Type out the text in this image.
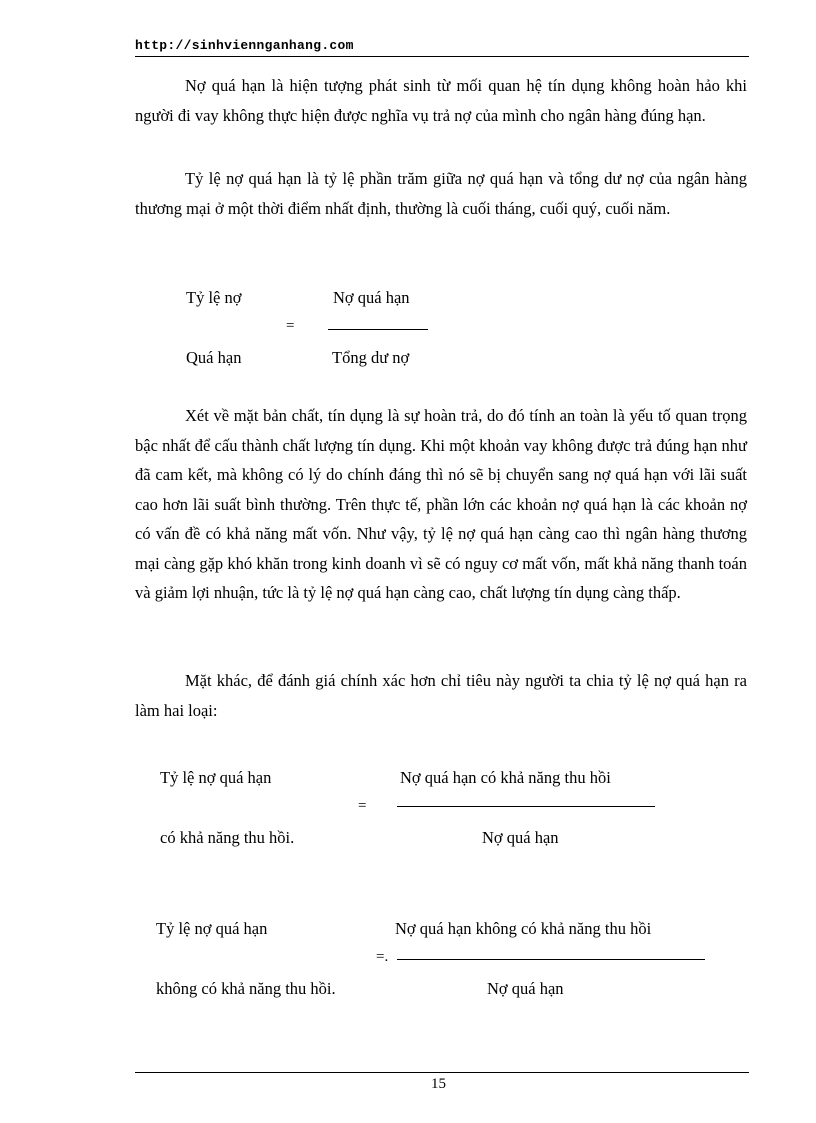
http://sinhviennganhang.com

Nợ quá hạn là hiện tượng phát sinh từ mối quan hệ tín dụng không hoàn hảo khi người đi vay không thực hiện được nghĩa vụ trả nợ của mình cho ngân hàng đúng hạn.

Tỷ lệ nợ quá hạn là tỷ lệ phần trăm giữa nợ quá hạn và tổng dư nợ của ngân hàng thương mại ở một thời điểm nhất định, thường là cuối tháng, cuối quý, cuối năm.

Tỷ lệ nợ
Quá hạn
=
Nợ quá hạn
Tổng dư nợ

Xét về mặt bản chất, tín dụng là sự hoàn trả, do đó tính an toàn là yếu tố quan trọng bậc nhất để cấu thành chất lượng tín dụng. Khi một khoản vay không được trả đúng hạn như đã cam kết, mà không có lý do chính đáng thì nó sẽ bị chuyển sang nợ quá hạn với lãi suất cao hơn lãi suất bình thường. Trên thực tế, phần lớn các khoản nợ quá hạn là các khoản nợ có vấn đề có khả năng mất vốn. Như vậy, tỷ lệ nợ quá hạn càng cao thì ngân hàng thương mại càng gặp khó khăn trong kinh doanh vì sẽ có nguy cơ mất vốn, mất khả năng thanh toán và giảm lợi nhuận, tức là tỷ lệ nợ quá hạn càng cao, chất lượng tín dụng càng thấp.

Mặt khác, để đánh giá chính xác hơn chỉ tiêu này người ta chia tỷ lệ nợ quá hạn ra làm hai loại:

Tỷ lệ nợ quá hạn
có khả năng thu hồi.
=
Nợ quá hạn có khả năng thu hồi
Nợ quá hạn
Tỷ lệ nợ quá hạn
không có khả năng thu hồi.
=.
Nợ quá hạn không có khả năng thu hồi
Nợ quá hạn
15
